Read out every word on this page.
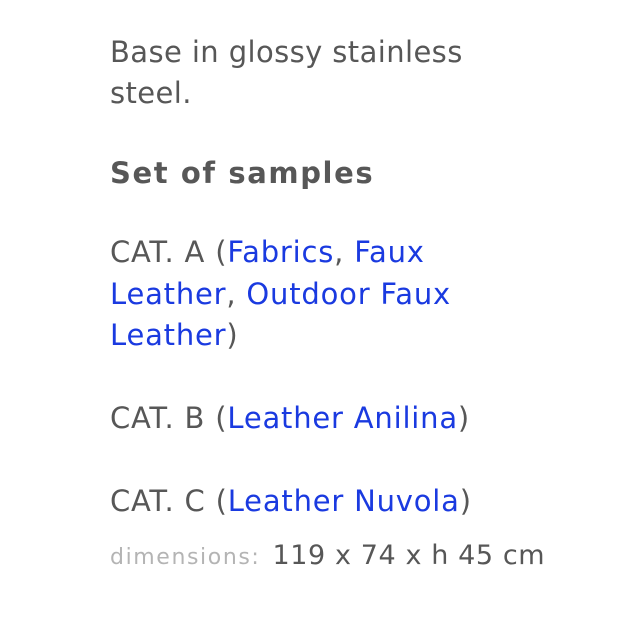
Base in glossy stainless steel.

Set of samples

CAT. A (Fabrics, Faux Leather, Outdoor Faux Leather)

CAT. B (Leather Anilina)

CAT. C (Leather Nuvola)

dimensions: 119 x 74 x h 45 cm
